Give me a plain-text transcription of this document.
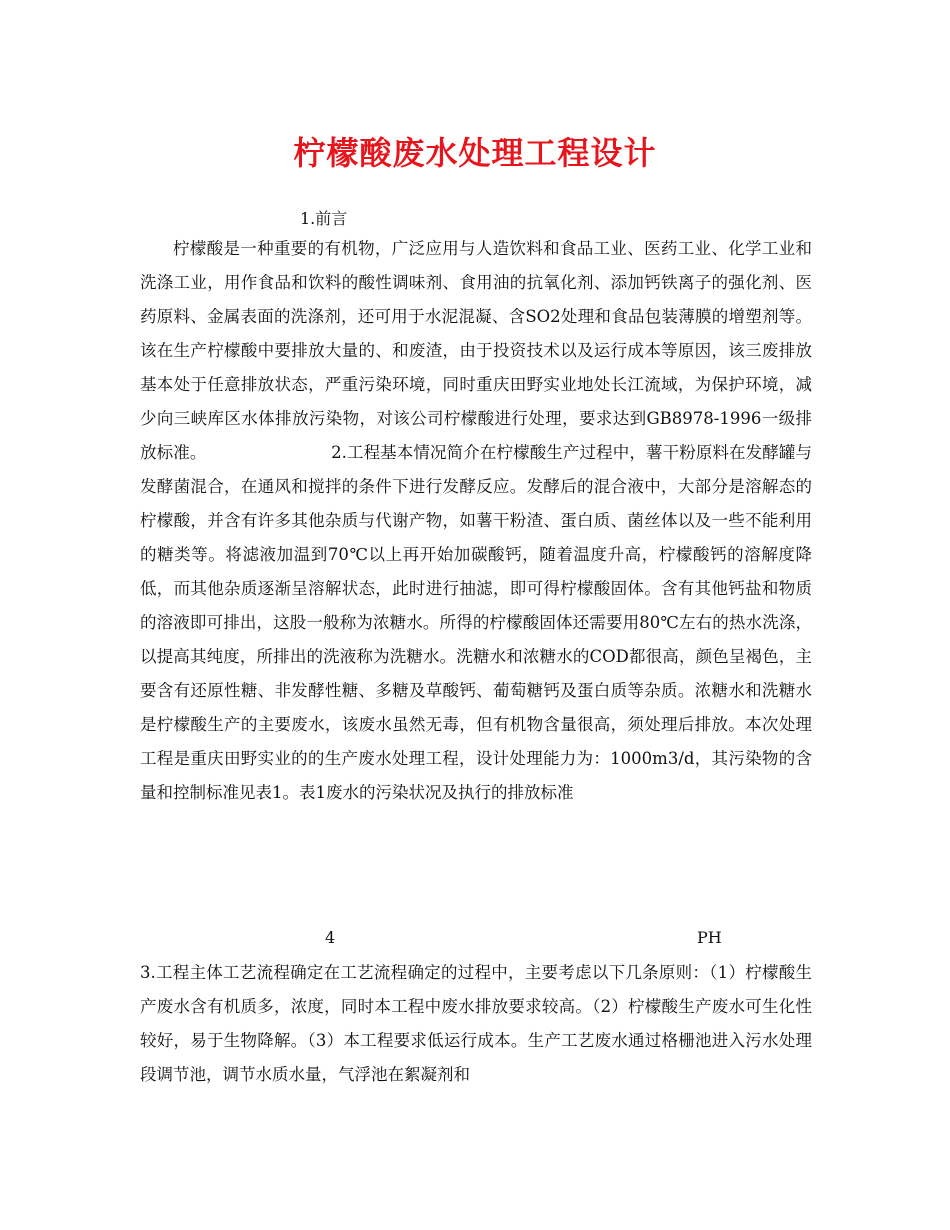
柠檬酸废水处理工程设计

1.前言

柠檬酸是一种重要的有机物，广泛应用与人造饮料和食品工业、医药工业、化学工业和洗涤工业，用作食品和饮料的酸性调味剂、食用油的抗氧化剂、添加钙铁离子的强化剂、医药原料、金属表面的洗涤剂，还可用于水泥混凝、含SO2处理和食品包装薄膜的增塑剂等。该在生产柠檬酸中要排放大量的、和废渣，由于投资技术以及运行成本等原因，该三废排放基本处于任意排放状态，严重污染环境，同时重庆田野实业地处长江流域，为保护环境，减少向三峡库区水体排放污染物，对该公司柠檬酸进行处理，要求达到GB8978-1996一级排放标准。　　　　　　　　2.工程基本情况简介在柠檬酸生产过程中，薯干粉原料在发酵罐与发酵菌混合，在通风和搅拌的条件下进行发酵反应。发酵后的混合液中，大部分是溶解态的柠檬酸，并含有许多其他杂质与代谢产物，如薯干粉渣、蛋白质、菌丝体以及一些不能利用的糖类等。将滤液加温到70℃以上再开始加碳酸钙，随着温度升高，柠檬酸钙的溶解度降低，而其他杂质逐渐呈溶解状态，此时进行抽滤，即可得柠檬酸固体。含有其他钙盐和物质的溶液即可排出，这股一般称为浓糖水。所得的柠檬酸固体还需要用80℃左右的热水洗涤，以提高其纯度，所排出的洗液称为洗糖水。洗糖水和浓糖水的COD都很高，颜色呈褐色，主要含有还原性糖、非发酵性糖、多糖及草酸钙、葡萄糖钙及蛋白质等杂质。浓糖水和洗糖水是柠檬酸生产的主要废水，该废水虽然无毒，但有机物含量很高，须处理后排放。本次处理工程是重庆田野实业的的生产废水处理工程，设计处理能力为：1000m3/d，其污染物的含量和控制标准见表1。表1废水的污染状况及执行的排放标准

4	PH

3.工程主体工艺流程确定在工艺流程确定的过程中，主要考虑以下几条原则：（1）柠檬酸生产废水含有机质多，浓度，同时本工程中废水排放要求较高。（2）柠檬酸生产废水可生化性较好，易于生物降解。（3）本工程要求低运行成本。生产工艺废水通过格栅池进入污水处理段调节池，调节水质水量，气浮池在絮凝剂和
